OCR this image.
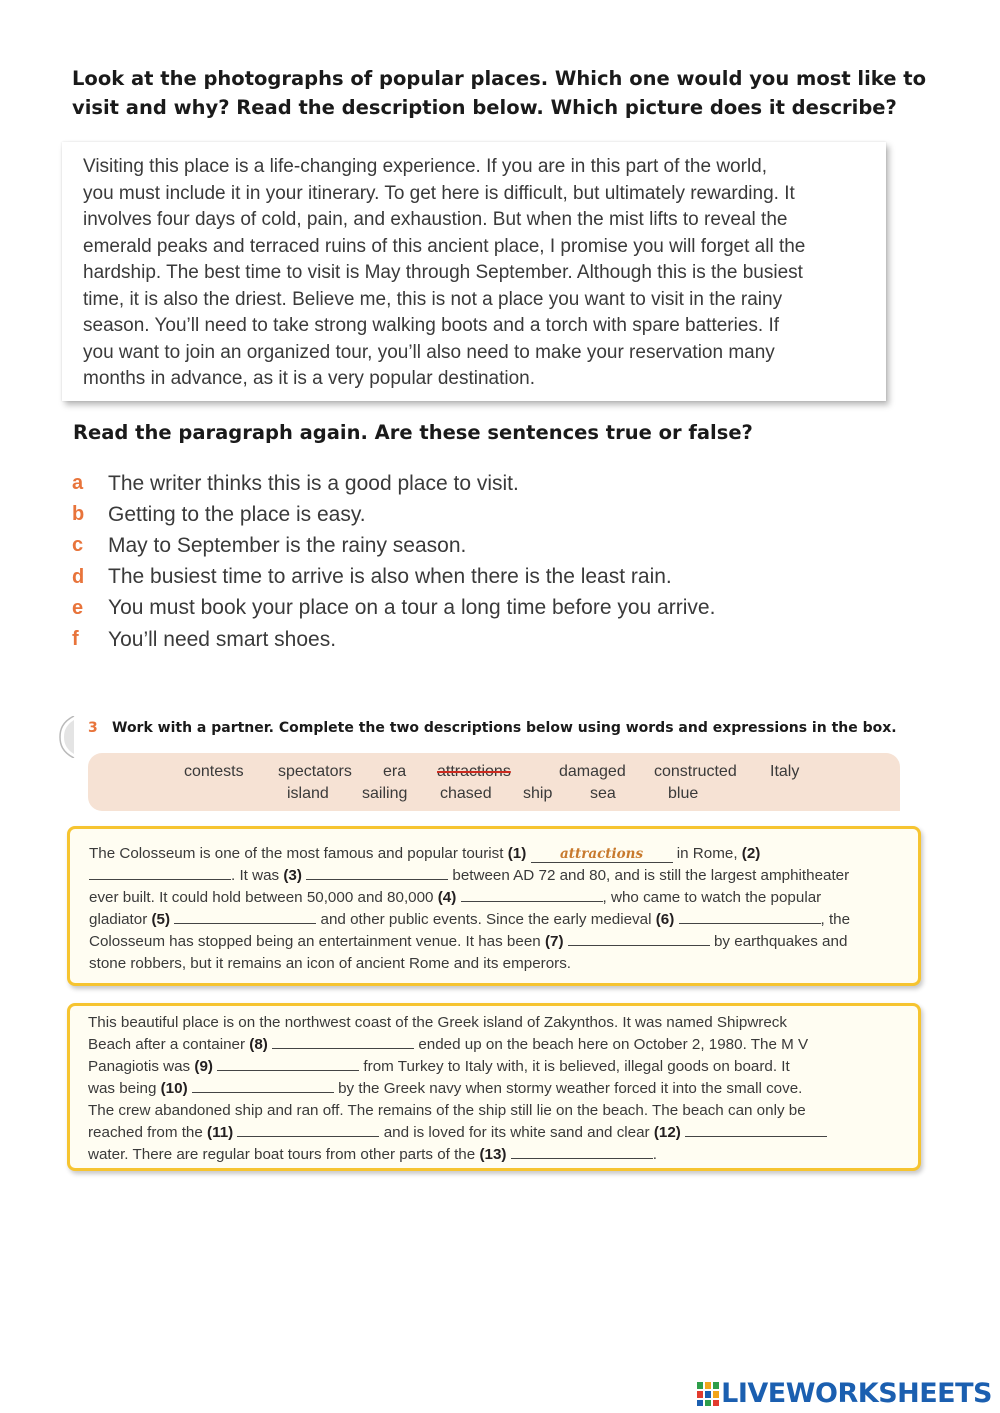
Look at the photographs of popular places. Which one would you most like to
visit and why? Read the description below. Which picture does it describe?
Visiting this place is a life-changing experience. If you are in this part of the world,
you must include it in your itinerary. To get here is difficult, but ultimately rewarding. It
involves four days of cold, pain, and exhaustion. But when the mist lifts to reveal the
emerald peaks and terraced ruins of this ancient place, I promise you will forget all the
hardship. The best time to visit is May through September. Although this is the busiest
time, it is also the driest. Believe me, this is not a place you want to visit in the rainy
season. You’ll need to take strong walking boots and a torch with spare batteries. If
you want to join an organized tour, you’ll also need to make your reservation many
months in advance, as it is a very popular destination.
Read the paragraph again. Are these sentences true or false?
a	The writer thinks this is a good place to visit.
b	Getting to the place is easy.
c	May to September is the rainy season.
d	The busiest time to arrive is also when there is the least rain.
e	You must book your place on a tour a long time before you arrive.
f	You’ll need smart shoes.
3	Work with a partner. Complete the two descriptions below using words and expressions in the box.
contests spectators era attractions	damaged constructed Italy
island sailing chased ship sea	blue
The Colosseum is one of the most famous and popular tourist (1) attractions in Rome, (2)
. It was (3)	between AD 72 and 80, and is still the largest amphitheater
ever built. It could hold between 50,000 and 80,000 (4)	, who came to watch the popular
gladiator (5)	and other public events. Since the early medieval (6)	, the
Colosseum has stopped being an entertainment venue. It has been (7)	by earthquakes and
stone robbers, but it remains an icon of ancient Rome and its emperors.
This beautiful place is on the northwest coast of the Greek island of Zakynthos. It was named Shipwreck
Beach after a container (8)	ended up on the beach here on October 2, 1980. The M V
Panagiotis was (9)	from Turkey to Italy with, it is believed, illegal goods on board. It
was being (10)	by the Greek navy when stormy weather forced it into the small cove.
The crew abandoned ship and ran off. The remains of the ship still lie on the beach. The beach can only be
reached from the (11)	and is loved for its white sand and clear (12)
water. There are regular boat tours from other parts of the (13)	.
LIVEWORKSHEETS
